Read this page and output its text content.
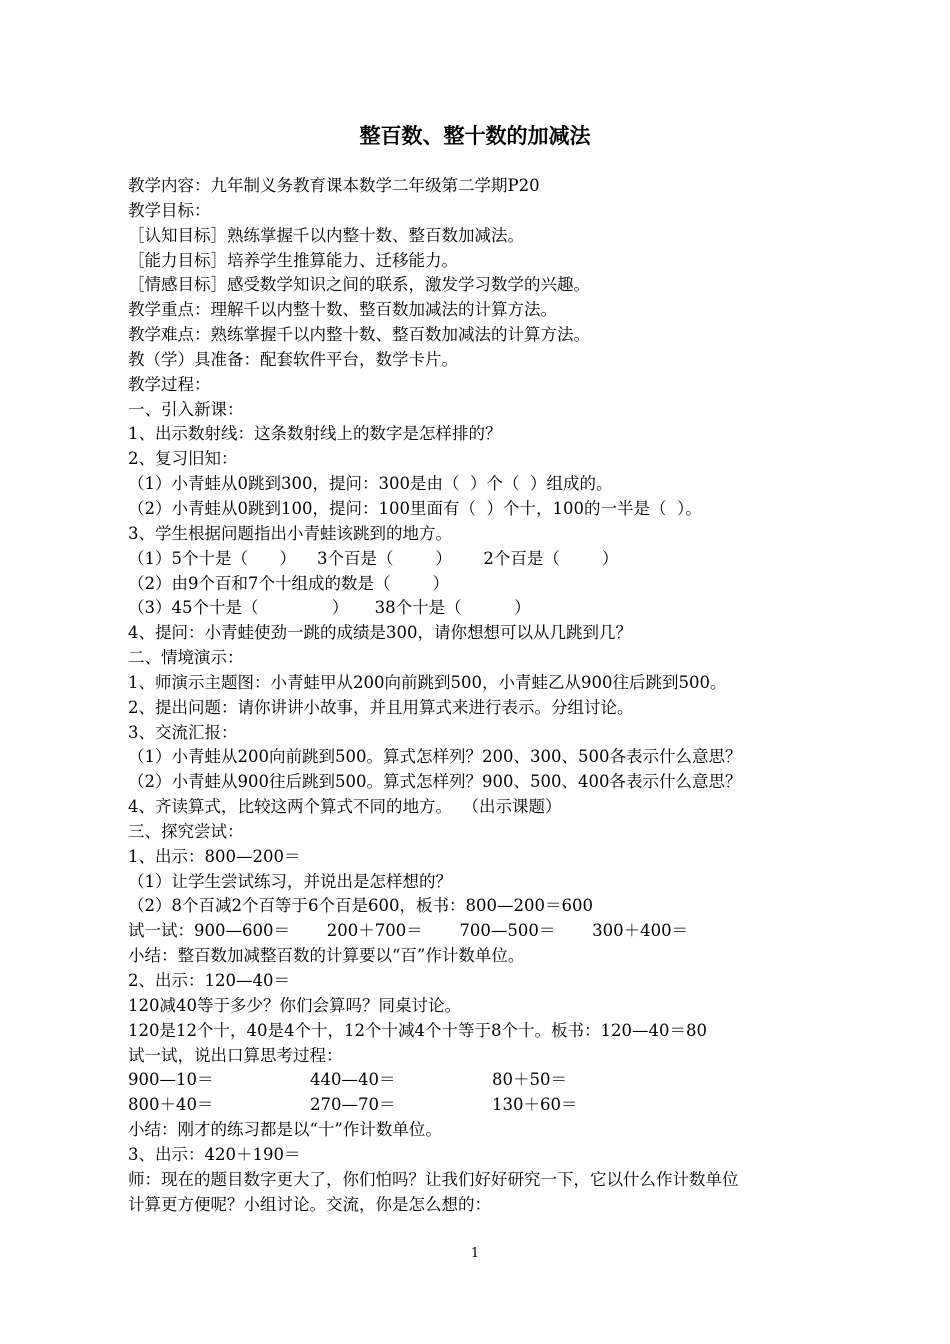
整百数、整十数的加减法
教学内容：九年制义务教育课本数学二年级第二学期P20
教学目标：
［认知目标］熟练掌握千以内整十数、整百数加减法。
［能力目标］培养学生推算能力、迁移能力。
［情感目标］感受数学知识之间的联系，激发学习数学的兴趣。
教学重点：理解千以内整十数、整百数加减法的计算方法。
教学难点：熟练掌握千以内整十数、整百数加减法的计算方法。
教（学）具准备：配套软件平台，数学卡片。
教学过程：
一、引入新课：
1、出示数射线：这条数射线上的数字是怎样排的？
2、复习旧知：
（1）小青蛙从0跳到300，提问：300是由（  ）个（  ）组成的。
（2）小青蛙从0跳到100，提问：100里面有（  ）个十，100的一半是（  ）。
3、学生根据问题指出小青蛙该跳到的地方。
（1）5个十是（      ）    3个百是（        ）      2个百是（        ）
（2）由9个百和7个十组成的数是（        ）
（3）45个十是（              ）     38个十是（          ）
4、提问：小青蛙使劲一跳的成绩是300，请你想想可以从几跳到几？
二、情境演示：
1、师演示主题图：小青蛙甲从200向前跳到500，小青蛙乙从900往后跳到500。
2、提出问题：请你讲讲小故事，并且用算式来进行表示。分组讨论。
3、交流汇报：
（1）小青蛙从200向前跳到500。算式怎样列？200、300、500各表示什么意思？
（2）小青蛙从900往后跳到500。算式怎样列？900、500、400各表示什么意思？
4、齐读算式，比较这两个算式不同的地方。  （出示课题）
三、探究尝试：
1、出示：800—200＝
（1）让学生尝试练习，并说出是怎样想的？
（2）8个百减2个百等于6个百是600，板书：800—200＝600
试一试：900—600＝       200＋700＝       700—500＝       300＋400＝
小结：整百数加减整百数的计算要以“百”作计数单位。
2、出示：120—40＝
120减40等于多少？你们会算吗？同桌讨论。
120是12个十，40是4个十，12个十减4个十等于8个十。板书：120—40＝80
试一试，说出口算思考过程：
900—10＝	440—40＝	80＋50＝
800＋40＝	270—70＝	130＋60＝
小结：刚才的练习都是以“十”作计数单位。
3、出示：420＋190＝
师：现在的题目数字更大了，你们怕吗？让我们好好研究一下，它以什么作计数单位
计算更方便呢？小组讨论。交流，你是怎么想的：
1
